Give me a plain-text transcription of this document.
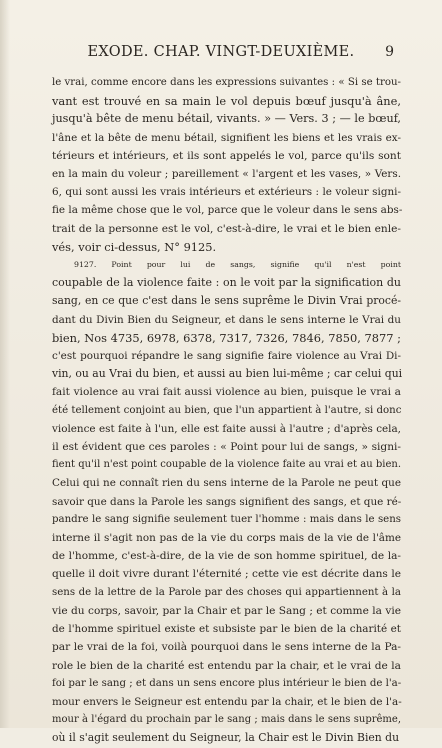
EXODE. CHAP. VINGT-DEUXIÈME.	9
le vrai, comme encore dans les expressions suivantes : « Si se trou-
vant est trouvé en sa main le vol depuis bœuf jusqu'à âne,
jusqu'à bête de menu bétail, vivants. » — Vers. 3 ; — le bœuf,
l'âne et la bête de menu bétail, signifient les biens et les vrais ex-
térieurs et intérieurs, et ils sont appelés le vol, parce qu'ils sont
en la main du voleur ; pareillement « l'argent et les vases, » Vers.
6, qui sont aussi les vrais intérieurs et extérieurs : le voleur signi-
fie la même chose que le vol, parce que le voleur dans le sens abs-
trait de la personne est le vol, c'est-à-dire, le vrai et le bien enle-
vés, voir ci-dessus, N° 9125.
9127. Point pour lui de sangs, signifie qu'il n'est point
coupable de la violence faite : on le voit par la signification du
sang, en ce que c'est dans le sens suprême le Divin Vrai procé-
dant du Divin Bien du Seigneur, et dans le sens interne le Vrai du
bien, Nos 4735, 6978, 6378, 7317, 7326, 7846, 7850, 7877 ;
c'est pourquoi répandre le sang signifie faire violence au Vrai Di-
vin, ou au Vrai du bien, et aussi au bien lui-même ; car celui qui
fait violence au vrai fait aussi violence au bien, puisque le vrai a
été tellement conjoint au bien, que l'un appartient à l'autre, si donc
violence est faite à l'un, elle est faite aussi à l'autre ; d'après cela,
il est évident que ces paroles : « Point pour lui de sangs, » signi-
fient qu'il n'est point coupable de la violence faite au vrai et au bien.
Celui qui ne connaît rien du sens interne de la Parole ne peut que
savoir que dans la Parole les sangs signifient des sangs, et que ré-
pandre le sang signifie seulement tuer l'homme : mais dans le sens
interne il s'agit non pas de la vie du corps mais de la vie de l'âme
de l'homme, c'est-à-dire, de la vie de son homme spirituel, de la-
quelle il doit vivre durant l'éternité ; cette vie est décrite dans le
sens de la lettre de la Parole par des choses qui appartiennent à la
vie du corps, savoir, par la Chair et par le Sang ; et comme la vie
de l'homme spirituel existe et subsiste par le bien de la charité et
par le vrai de la foi, voilà pourquoi dans le sens interne de la Pa-
role le bien de la charité est entendu par la chair, et le vrai de la
foi par le sang ; et dans un sens encore plus intérieur le bien de l'a-
mour envers le Seigneur est entendu par la chair, et le bien de l'a-
mour à l'égard du prochain par le sang ; mais dans le sens suprême,
où il s'agit seulement du Seigneur, la Chair est le Divin Bien du
